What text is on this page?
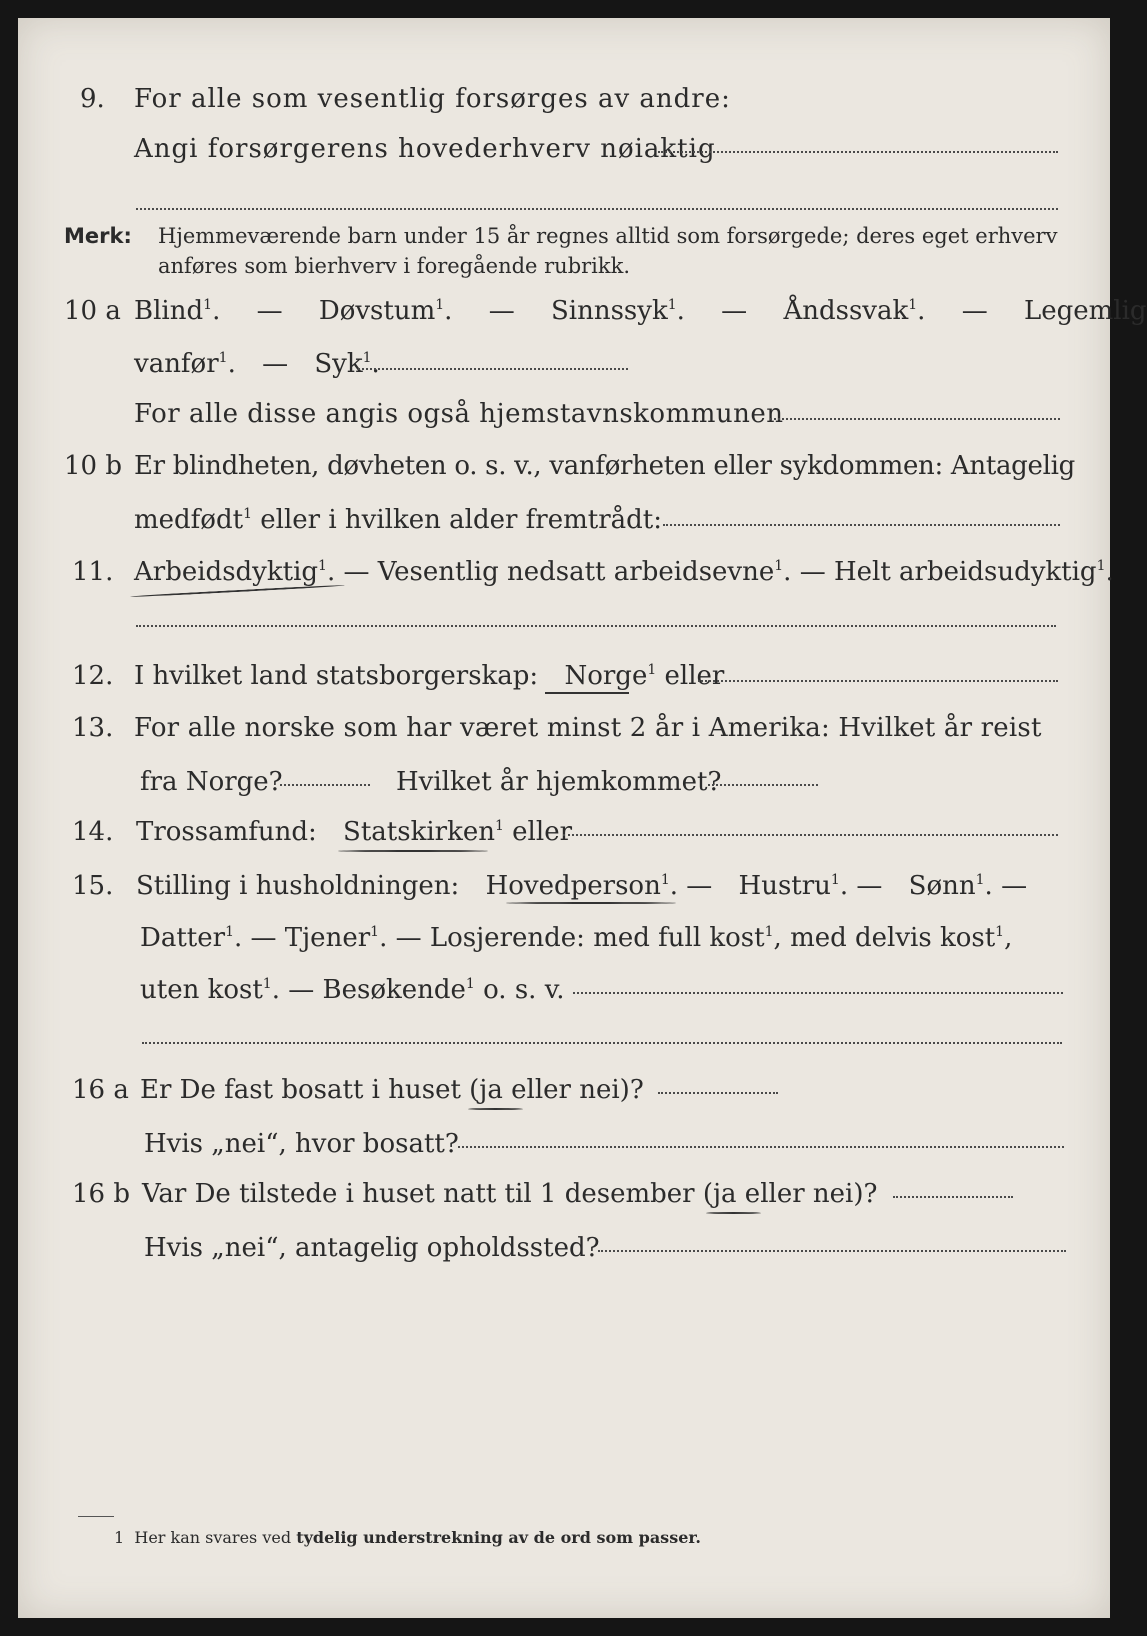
9. For alle som vesentlig forsørges av andre:
Angi forsørgerens hovederhverv nøiaktig
Merk: Hjemmeværende barn under 15 år regnes alltid som forsørgede; deres eget erhverv
anføres som bierhverv i foregående rubrikk.
10 a Blind$^1$. — Døvstum$^1$. — Sinnssyk$^1$. — Åndssvak$^1$. — Legemlig
vanfør$^1$. — Syk$^1$.
For alle disse angis også hjemstavnskommunen
10 b Er blindheten, døvheten o. s. v., vanførheten eller sykdommen: Antagelig
medfødt$^1$ eller i hvilken alder fremtrådt:
11. Arbeidsdyktig$^1$. — Vesentlig nedsatt arbeidsevne$^1$. — Helt arbeidsudyktig$^1$.
12. I hvilket land statsborgerskap: Norge$^1$ eller
13. For alle norske som har været minst 2 år i Amerika: Hvilket år reist
fra Norge?	Hvilket år hjemkommet?
14. Trossamfund: Statskirken$^1$ eller
15. Stilling i husholdningen: Hovedperson$^1$. — Hustru$^1$. — Sønn$^1$. —
Datter$^1$. — Tjener$^1$. — Losjerende: med full kost$^1$, med delvis kost$^1$,
uten kost$^1$. — Besøkende$^1$ o. s. v.
16 a Er De fast bosatt i huset (ja eller nei)?
Hvis „nei“, hvor bosatt?
16 b Var De tilstede i huset natt til 1 desember (ja eller nei)?
Hvis „nei“, antagelig opholdssted?
1 Her kan svares ved tydelig understrekning av de ord som passer.
